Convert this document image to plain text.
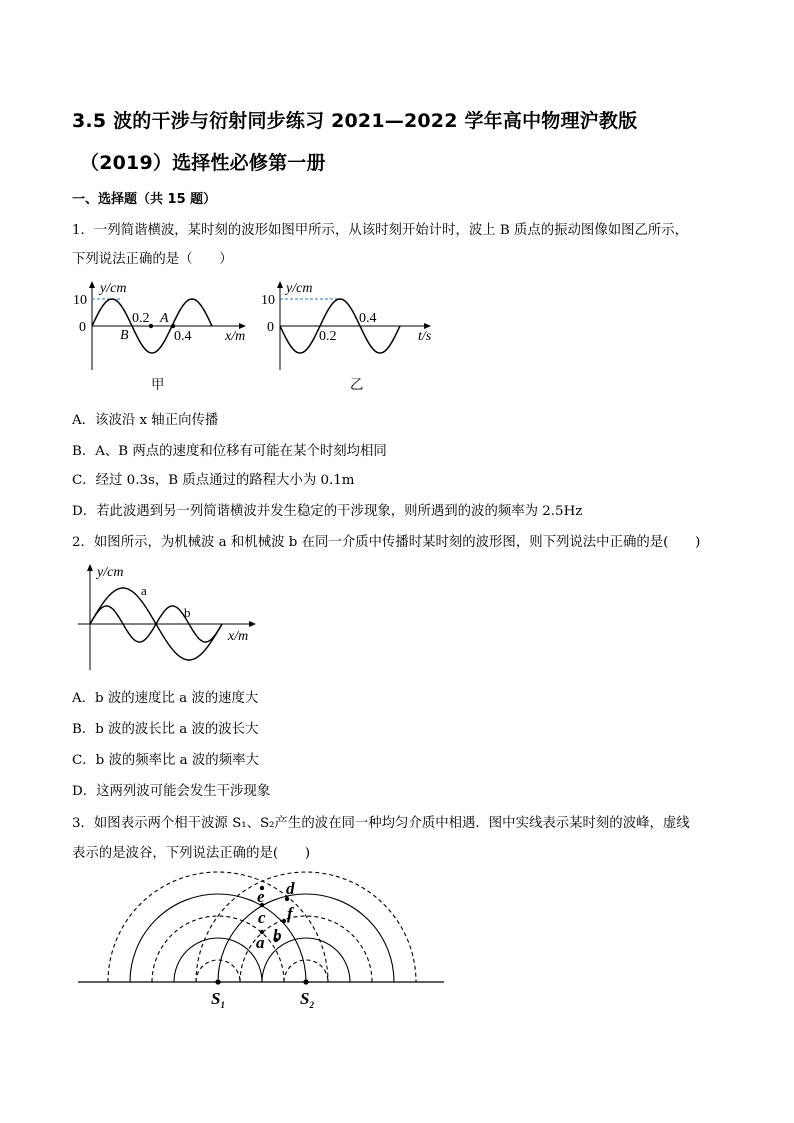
3.5 波的干涉与衍射同步练习 2021—2022 学年高中物理沪教版
（2019）选择性必修第一册
一、选择题（共 15 题）
1．一列简谐横波，某时刻的波形如图甲所示，从该时刻开始计时，波上 B 质点的振动图像如图乙所示，
下列说法正确的是（　　）
y/cm
10
0
0.2 A
B	0.4 x/m
甲
y/cm
10
0
0.2
0.4
t/s
乙
A．该波沿 x 轴正向传播
B．A、B 两点的速度和位移有可能在某个时刻均相同
C．经过 0.3s，B 质点通过的路程大小为 0.1m
D．若此波遇到另一列简谐横波并发生稳定的干涉现象，则所遇到的波的频率为 2.5Hz
2．如图所示，为机械波 a 和机械波 b 在同一介质中传播时某时刻的波形图，则下列说法中正确的是(　　)
y/cm
a
b
x/m
A．b 波的速度比 a 波的速度大
B．b 波的波长比 a 波的波长大
C．b 波的频率比 a 波的频率大
D．这两列波可能会发生干涉现象
3．如图表示两个相干波源 S₁、S₂产生的波在同一种均匀介质中相遇．图中实线表示某时刻的波峰，虚线
表示的是波谷，下列说法正确的是(　　)
e d
c f
a b
$S_1$	$S_2$
